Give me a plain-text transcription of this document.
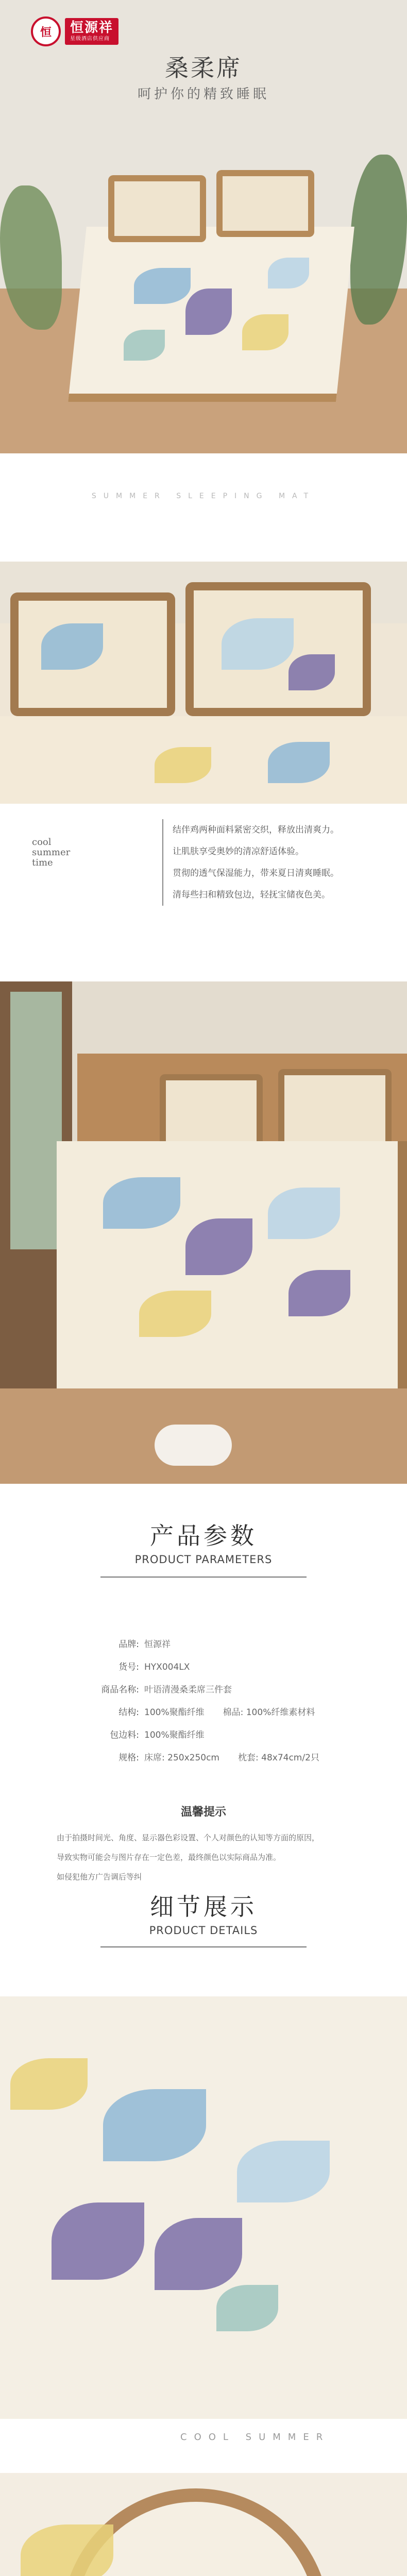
恒	恒源祥
星级酒店供应商
桑柔席
呵护你的精致睡眠
SUMMER SLEEPING MAT
cool
summer
time

结伴鸡两种面料紧密交织，释放出清爽力。

让肌肤享受奥妙的清凉舒适体验。

贯彻的透气保湿能力，带来夏日清爽睡眠。

清每些扫和精致包边，轻抚宝储夜色美。

产品参数
PRODUCT PARAMETERS
品牌: 恒源祥
货号: HYX004LX
商品名称: 叶语清漫桑柔席三件套
结构: 100%聚酯纤维 棉品: 100%纤维素材料
包边料: 100%聚酯纤维
规格: 床席: 250x250cm 枕套: 48x74cm/2只
温馨提示

由于拍摄时间光、角度、显示器色彩设置、个人对颜色的认知等方面的原因，

导致实物可能会与图片存在一定色差，最终颜色以实际商品为准。

如侵犯他方广告调后等纠

细节展示
PRODUCT DETAILS
COOL SUMMER
